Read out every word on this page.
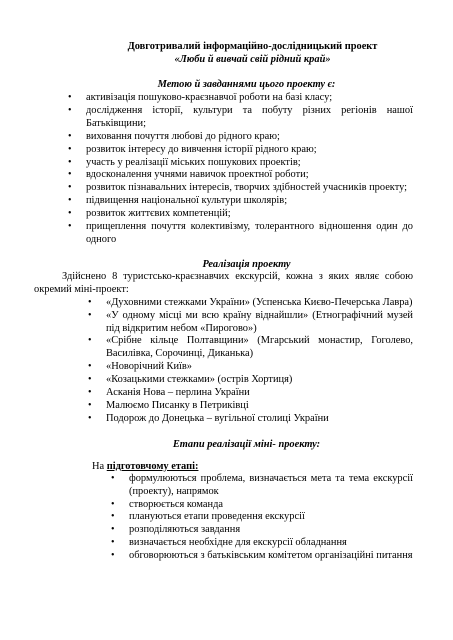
Довготривалий інформаційно-дослідницький проект
«Люби й вивчай свій рідний край»
Метою й завданнями цього проекту є:
• активізація пошуково-краєзнавчої роботи на базі класу;
• дослідження історії, культури та побуту різних регіонів нашої Батьківщини;
• виховання почуття любові до рідного краю;
• розвиток інтересу до вивчення історії рідного краю;
• участь у реалізації міських пошукових проектів;
• вдосконалення учнями навичок проектної роботи;
• розвиток пізнавальних інтересів, творчих здібностей учасників проекту;
• підвищення національної культури школярів;
• розвиток життєвих компетенцій;
• прищеплення почуття колективізму, толерантного відношення один до одного
Реалізація проекту
Здійснено 8 туристсько-краєзнавчих екскурсій, кожна з яких являє собою окремий міні-проект:
• «Духовними стежками України» (Успенська Києво-Печерська Лавра)
• «У одному місці ми всю країну віднайшли» (Етнографічний музей під відкритим небом «Пирогово»)
• «Срібне кільце Полтавщини» (Мгарський монастир, Гоголево, Василівка, Сорочинці, Диканька)
• «Новорічний Київ»
• «Козацькими стежками» (острів Хортиця)
• Асканія Нова – перлина України
• Малюємо Писанку в Петриківці
• Подорож до Донецька – вугільної столиці України
Етапи реалізації міні- проекту:
На підготовчому етапі:
• формулюються проблема, визначається мета та тема екскурсії (проекту), напрямок
• створюється команда
• плануються етапи проведення екскурсії
• розподіляються завдання
• визначається необхідне для екскурсії обладнання
• обговорюються з батьківським комітетом організаційні питання
